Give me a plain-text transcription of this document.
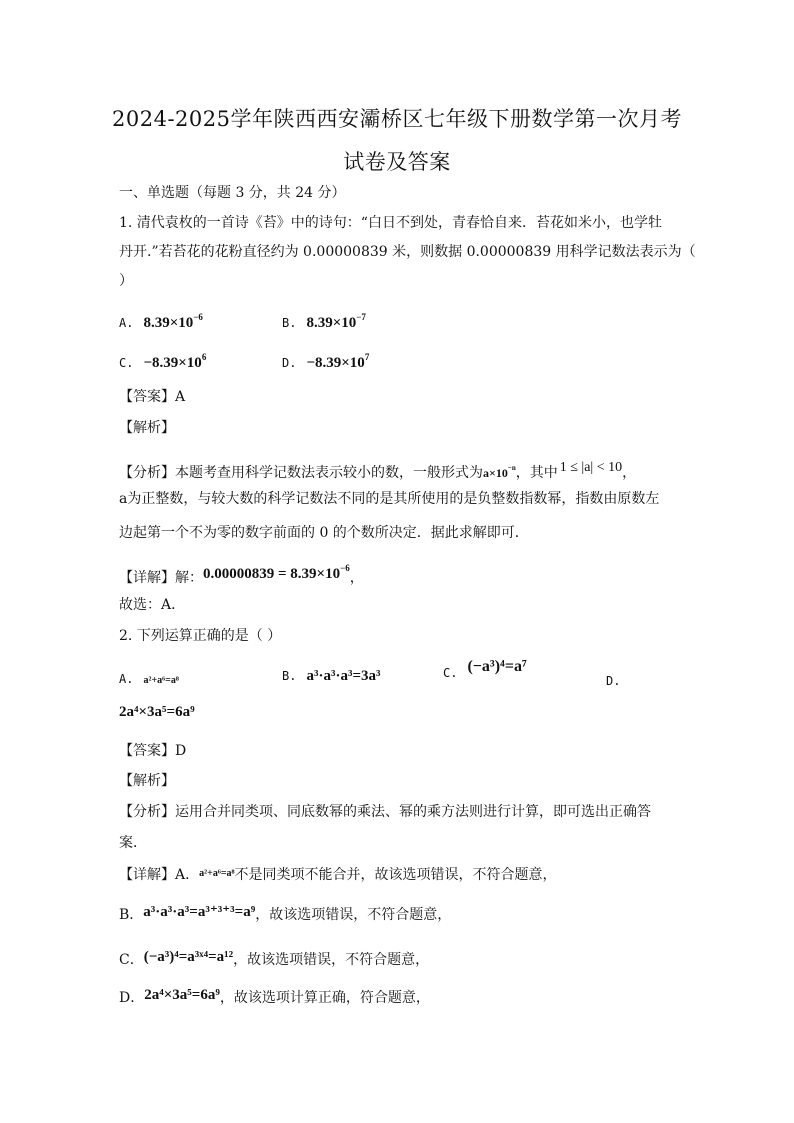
2024-2025学年陕西西安灞桥区七年级下册数学第一次月考
试卷及答案
一、单选题（每题 3 分，共 24 分）
1. 清代袁枚的一首诗《苔》中的诗句：“白日不到处，青春恰自来．苔花如米小，也学牡
丹开.”若苔花的花粉直径约为 0.00000839 米，则数据 0.00000839 用科学记数法表示为（
）
A. $8.39\times 10^{-6}$	B. $8.39\times 10^{-7}$
C. $-8.39\times 10^6$	D. $-8.39\times 10^7$
【答案】A
【解析】
【分析】本题考查用科学记数法表示较小的数，一般形式为$a\times 10^{-n}$，其中 1 ≤ |a| < 10，
a为正整数，与较大数的科学记数法不同的是其所使用的是负整数指数幂，指数由原数左
边起第一个不为零的数字前面的 0 的个数所决定．据此求解即可．
【详解】解：$0.00000839 = 8.39\times 10^{-6}$，
故选：A．
2. 下列运算正确的是（ ）
A. a²+a⁶=a⁸	B. a³·a³·a³=3a³	C. (−a³)⁴=a⁷
D.
2a⁴×3a⁵=6a⁹
【答案】D
【解析】
【分析】运用合并同类项、同底数幂的乘法、幂的乘方法则进行计算，即可选出正确答
案．
【详解】A．$^{a^2+a^6=a^8}$不是同类项不能合并，故该选项错误，不符合题意，
B．a³·a³·a³=a³⁺³⁺³=a⁹，故该选项错误，不符合题意，
C．(−a³)⁴=a³ˣ⁴=a¹²，故该选项错误，不符合题意，
D．2a⁴×3a⁵=6a⁹，故该选项计算正确，符合题意，
